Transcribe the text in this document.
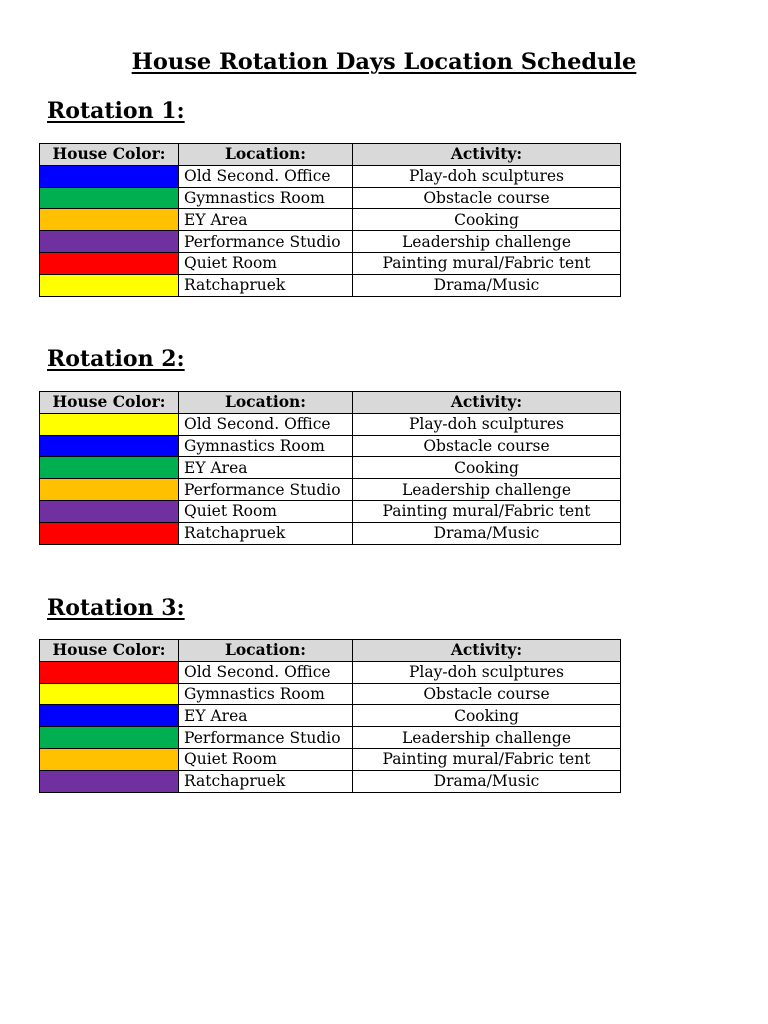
House Rotation Days Location Schedule
Rotation 1:
House Color:	Location:	Activity:
	Old Second. Office	Play-doh sculptures
	Gymnastics Room	Obstacle course
	EY Area	Cooking
	Performance Studio	Leadership challenge
	Quiet Room	Painting mural/Fabric tent
	Ratchapruek	Drama/Music
Rotation 2:
House Color:	Location:	Activity:
	Old Second. Office	Play-doh sculptures
	Gymnastics Room	Obstacle course
	EY Area	Cooking
	Performance Studio	Leadership challenge
	Quiet Room	Painting mural/Fabric tent
	Ratchapruek	Drama/Music
Rotation 3:
House Color:	Location:	Activity:
	Old Second. Office	Play-doh sculptures
	Gymnastics Room	Obstacle course
	EY Area	Cooking
	Performance Studio	Leadership challenge
	Quiet Room	Painting mural/Fabric tent
	Ratchapruek	Drama/Music
